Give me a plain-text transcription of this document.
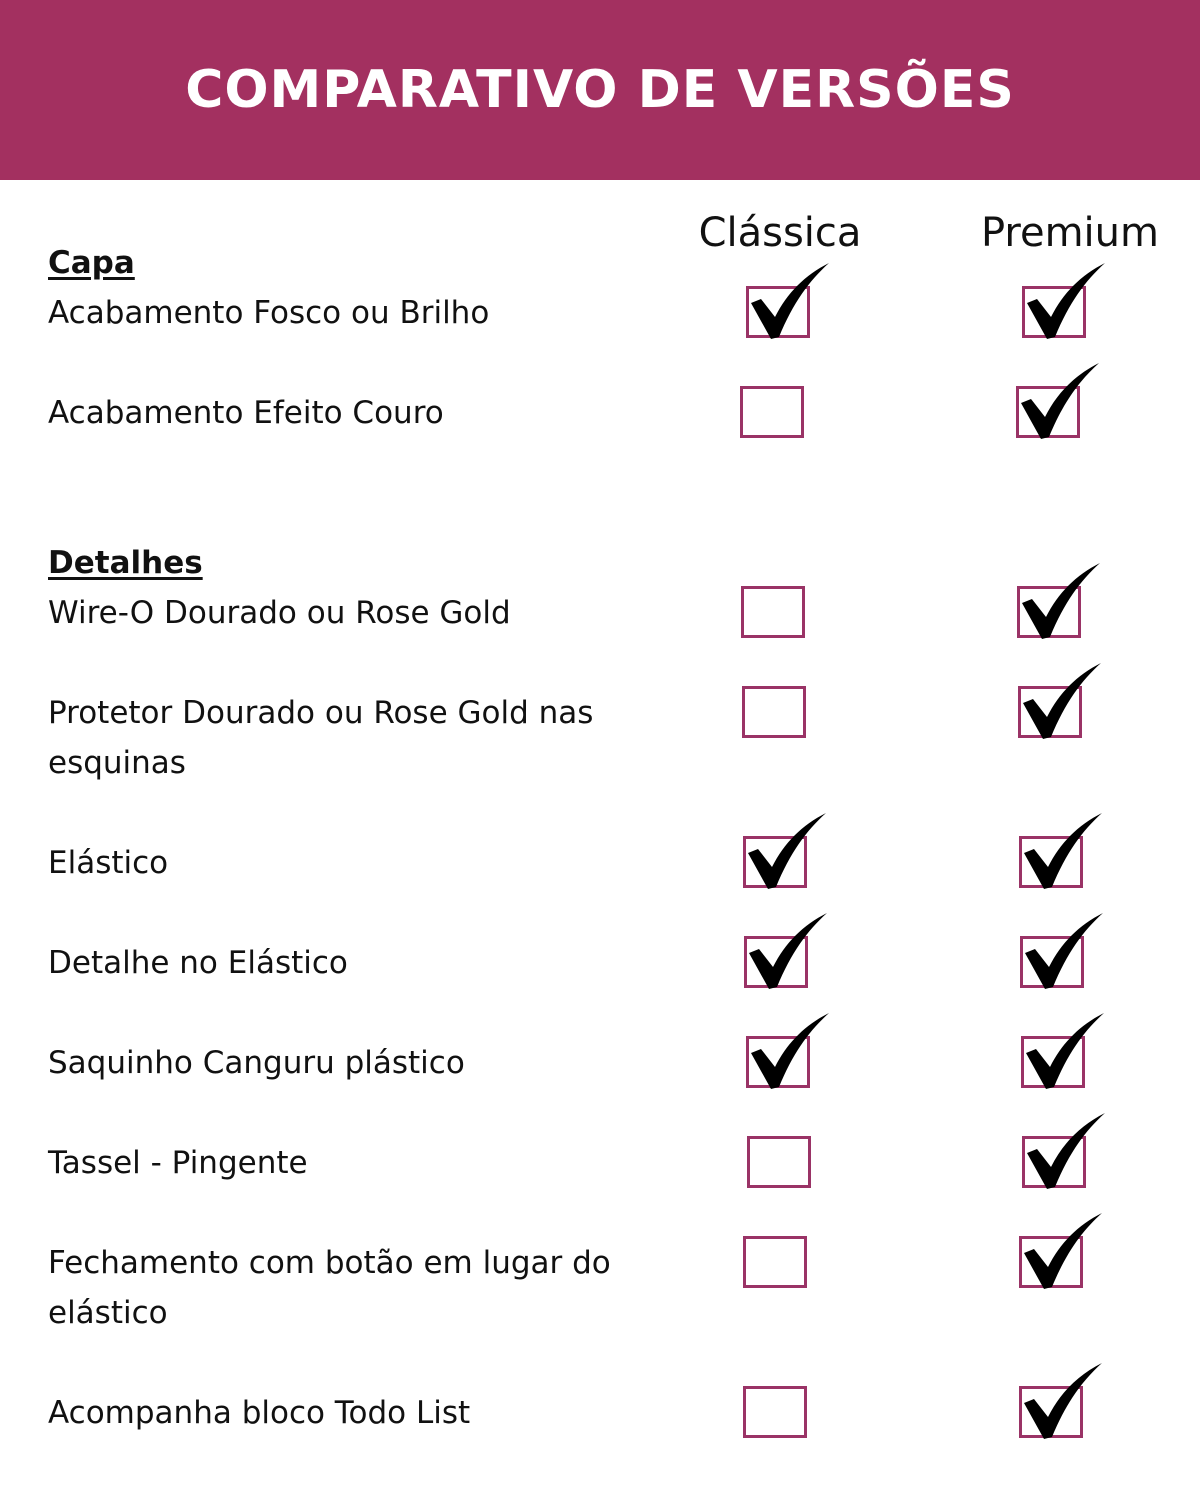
COMPARATIVO DE VERSÕES
Clássica	Premium
Capa
Detalhes
Acabamento Fosco ou Brilho
Acabamento Efeito Couro
Wire-O Dourado ou Rose Gold
Protetor Dourado ou Rose Gold nas esquinas
Elástico
Detalhe no Elástico
Saquinho Canguru plástico
Tassel - Pingente
Fechamento com botão em lugar do elástico
Acompanha bloco Todo List
